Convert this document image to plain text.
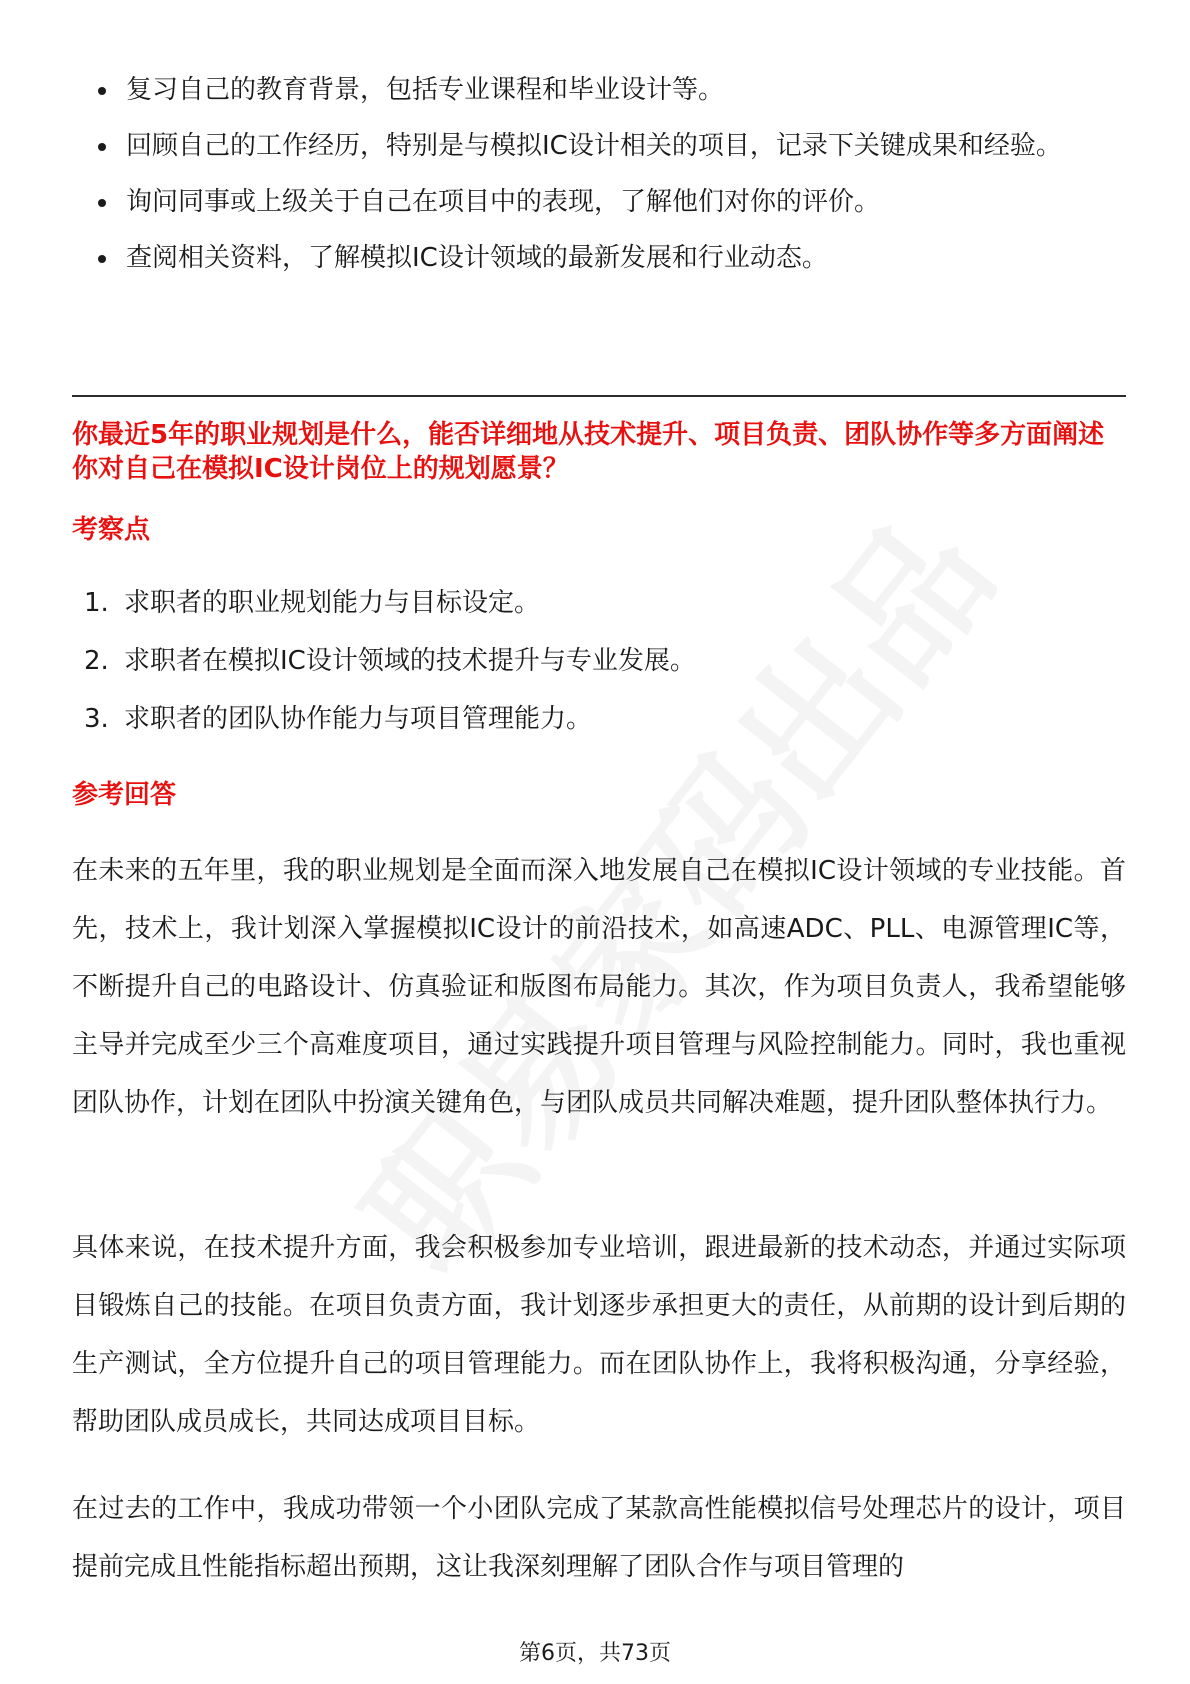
复习自己的教育背景，包括专业课程和毕业设计等。
回顾自己的工作经历，特别是与模拟IC设计相关的项目，记录下关键成果和经验。
询问同事或上级关于自己在项目中的表现，了解他们对你的评价。
查阅相关资料，了解模拟IC设计领域的最新发展和行业动态。
你最近5年的职业规划是什么，能否详细地从技术提升、项目负责、团队协作等多方面阐述你对自己在模拟IC设计岗位上的规划愿景？
考察点
1. 求职者的职业规划能力与目标设定。
2. 求职者在模拟IC设计领域的技术提升与专业发展。
3. 求职者的团队协作能力与项目管理能力。
参考回答

在未来的五年里，我的职业规划是全面而深入地发展自己在模拟IC设计领域的专业技能。首先，技术上，我计划深入掌握模拟IC设计的前沿技术，如高速ADC、PLL、电源管理IC等，不断提升自己的电路设计、仿真验证和版图布局能力。其次，作为项目负责人，我希望能够主导并完成至少三个高难度项目，通过实践提升项目管理与风险控制能力。同时，我也重视团队协作，计划在团队中扮演关键角色，与团队成员共同解决难题，提升团队整体执行力。

具体来说，在技术提升方面，我会积极参加专业培训，跟进最新的技术动态，并通过实际项目锻炼自己的技能。在项目负责方面，我计划逐步承担更大的责任，从前期的设计到后期的生产测试，全方位提升自己的项目管理能力。而在团队协作上，我将积极沟通，分享经验，帮助团队成员成长，共同达成项目目标。

在过去的工作中，我成功带领一个小团队完成了某款高性能模拟信号处理芯片的设计，项目提前完成且性能指标超出预期，这让我深刻理解了团队合作与项目管理的

第6页，共73页
